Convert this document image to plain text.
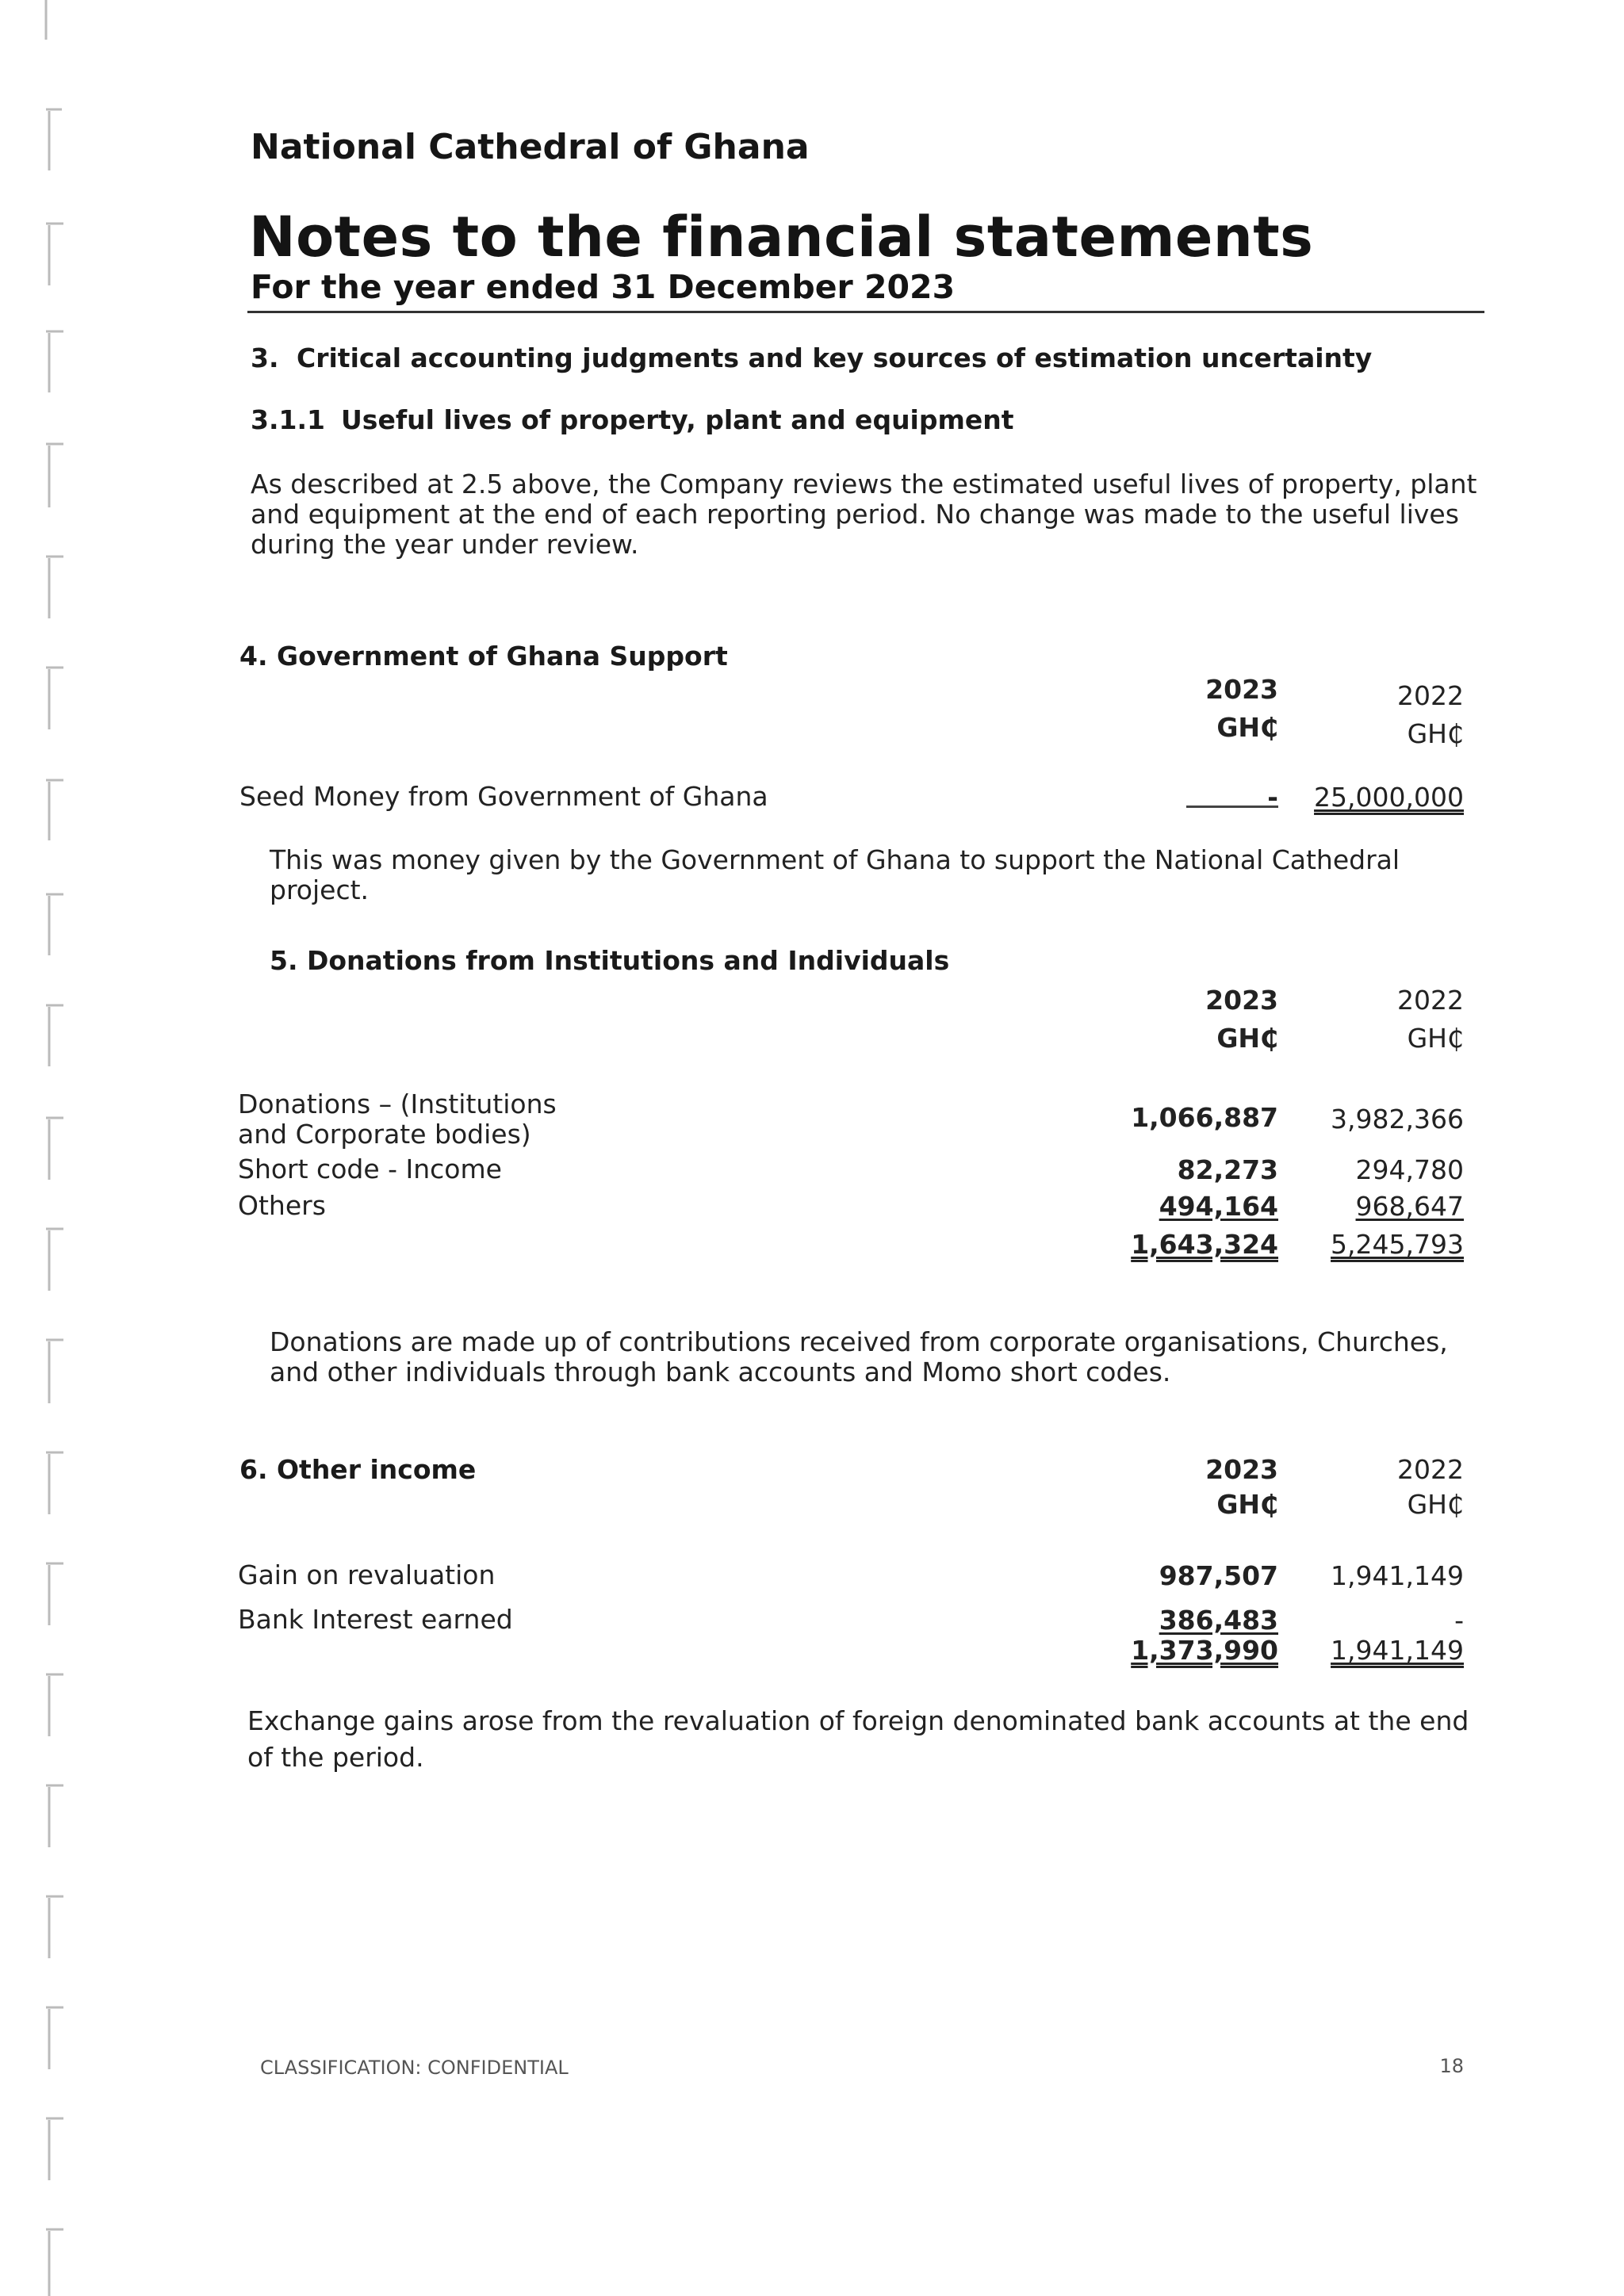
National Cathedral of Ghana
Notes to the financial statements
For the year ended 31 December 2023
3. Critical accounting judgments and key sources of estimation uncertainty
3.1.1 Useful lives of property, plant and equipment
As described at 2.5 above, the Company reviews the estimated useful lives of property, plant
and equipment at the end of each reporting period. No change was made to the useful lives
during the year under review.
4. Government of Ghana Support
2023	2022
GH₵	GH₵
Seed Money from Government of Ghana	-	25,000,000
This was money given by the Government of Ghana to support the National Cathedral
project.
5. Donations from Institutions and Individuals
2023	2022
GH₵	GH₵
Donations – (Institutions
and Corporate bodies)
1,066,887	3,982,366
Short code - Income	82,273	294,780
Others	494,164	968,647
1,643,324	5,245,793
Donations are made up of contributions received from corporate organisations, Churches,
and other individuals through bank accounts and Momo short codes.
6. Other income	2023	2022
GH₵	GH₵
Gain on revaluation	987,507	1,941,149
Bank Interest earned	386,483	-
1,373,990	1,941,149
Exchange gains arose from the revaluation of foreign denominated bank accounts at the end
of the period.
CLASSIFICATION: CONFIDENTIAL	18
